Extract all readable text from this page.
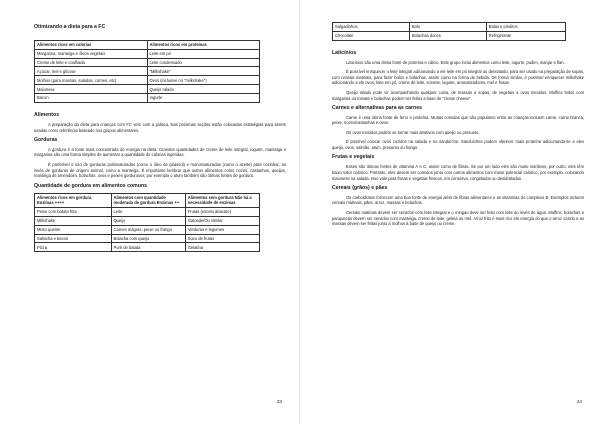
Otimizando a dieta para a FC
Alimentos ricos em calorias	Alimentos ricos em proteínas
Margarina, manteiga e óleos vegetais	Leite em pó
Creme de leite e coalhada	Leite condensado
Açúcar, mel e glicose	"Milkshake"
Molhos (para massas, saladas, carnes, etc)	Ovos (inclusive no "milkshake")
Maionese	Queijo ralado
Bacon	Iogurte
Alimentos

A preparação da dieta para crianças com FC vem com a prática. Nas próximas seções estão colocadas estratégias para serem usadas como referência baseado nos grupos alimentares.

Gorduras

A gordura é a fonte mais concentrada de energia na dieta. Grandes quantidades de creme de leite integral, iogurte, manteiga e margarina são uma forma simples de aumentar a quantidade de calorias ingeridas.

É preferível o uso de gorduras poliinsaturadas (como o óleo de girassol) e monossaturadas (como o azeite) para cozinhar, ao invés de gorduras de origem animal, como a manteiga. É importante lembrar que outros alimentos como nozes, castanhas, queijos, manteiga de amendoim, bolachas, ovos e peixes gordurosos; por exemplo o atum também são ótimas fontes de gordura.

Quantidade de gordura em alimentos comuns
Alimentos ricos em gordura Enzimas ++++	Alimentos com quantidade moderada de gordura Enzimas ++	Alimentos sem gordura Não há a necessidade de enzimas
Peixe com batata frita	Leite	Frutas (exceto abacate)
Milkshake	Queijo	Gatosde/Ou similar
Misto quente	Carnes magras, peixe ou frango	Verduras e legumes
Salsicha e bacon	Bolacha com queijo	Suco de frutas
Pizza	Purê de batata	Gelatina
23
Salgadinhos	Bolo	Balas e pirulitos
Chocolate	Bolachas doces	Refrigerante
Laticínios

Laticínios são uma ótima fonte de proteína e cálcio. Este grupo inclui alimentos como leite, iogurte, pudim, manjar e flan.

É possível enriquecer o leite integral adicionando a ele leite em pó integral ou desnatado, para ser usado na preparação de sopas, com cereais matinais, para fazer bolos e bolachas, assim como na forma de bebida. De forma similar, é possível enriquecer milkshake adicionando a ele ovos, leite em pó, creme de leite, sorvete, iogurte, aromatizadores, mel e frutas.

Queijo ralado pode vir acompanhando qualquer coisa, de massas a sopas, de vegetais a ovos mexidos. Muffins feitos com margarina ou tomate e bolachas podem ser feitos a base de "cream cheese".

Carnes e alternativas para as carnes

Carne é uma ótima fonte de ferro e proteína. Muitas comidas que são populares entre as crianças incluem carne, carne branca, peixe, nozes/castanhas e ovos.

Os ovos mexidos podem se tornar mais atrativos com queijo ou presunto.

É possível colocar ovos cozidos na salada e no sanduíche. Sanduíches podem oferecer mais proteína adicionando-se a eles queijo, ovos, salmão, atum, presunto ou frango.

Frutas e vegetais

Esses são ótimas fontes de vitamina A e C, assim como de fibras. Se por um lado eles são muito nutritivos, por outro, eles têm baixo valor calórico. Portanto, eles devem ser comidos junto com outros alimentos com maior potencial calórico, por exemplo, colocando maionese na salada. Isso vale para frutas e vegetais frescos, em conserva, congelados ou desidratados.

Cereais (grãos) e pães

Os carboidratos fornecem uma boa fonte de energia além de fibras alimentares e as vitaminas do complexo B. Exemplos incluem cereais matinais, pães, arroz, massas e bolachas.

Cereais matinais devem ser servidos com leite integral e o mingau deve ser feito com leite ao invés de água. Muffins, bolachas e panquecas devem ser servidos com manteiga, creme de leite, geleia ou mel. Arroz frito é mais rico em energia do que o arroz cozido e as massas devem ser feitas junto a molhos à base de queijo ou creme.

24
